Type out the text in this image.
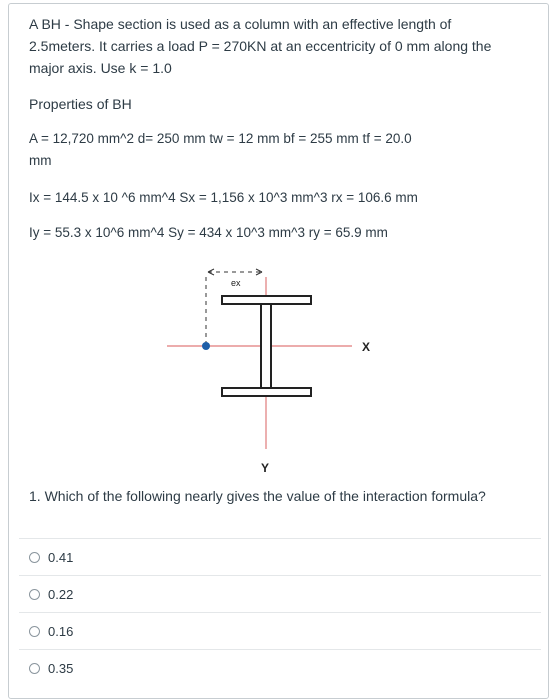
A BH - Shape section is used as a column with an effective length of
2.5meters. It carries a load P = 270KN at an eccentricity of 0 mm along the
major axis. Use k = 1.0
Properties of BH
A = 12,720 mm^2 d= 250 mm tw = 12 mm bf = 255 mm tf = 20.0
mm
Ix = 144.5 x 10 ^6 mm^4 Sx = 1,156 x 10^3 mm^3 rx = 106.6 mm
Iy = 55.3 x 10^6 mm^4 Sy = 434 x 10^3 mm^3 ry = 65.9 mm
ex
X
Y
1. Which of the following nearly gives the value of the interaction formula?
0.41
0.22
0.16
0.35
